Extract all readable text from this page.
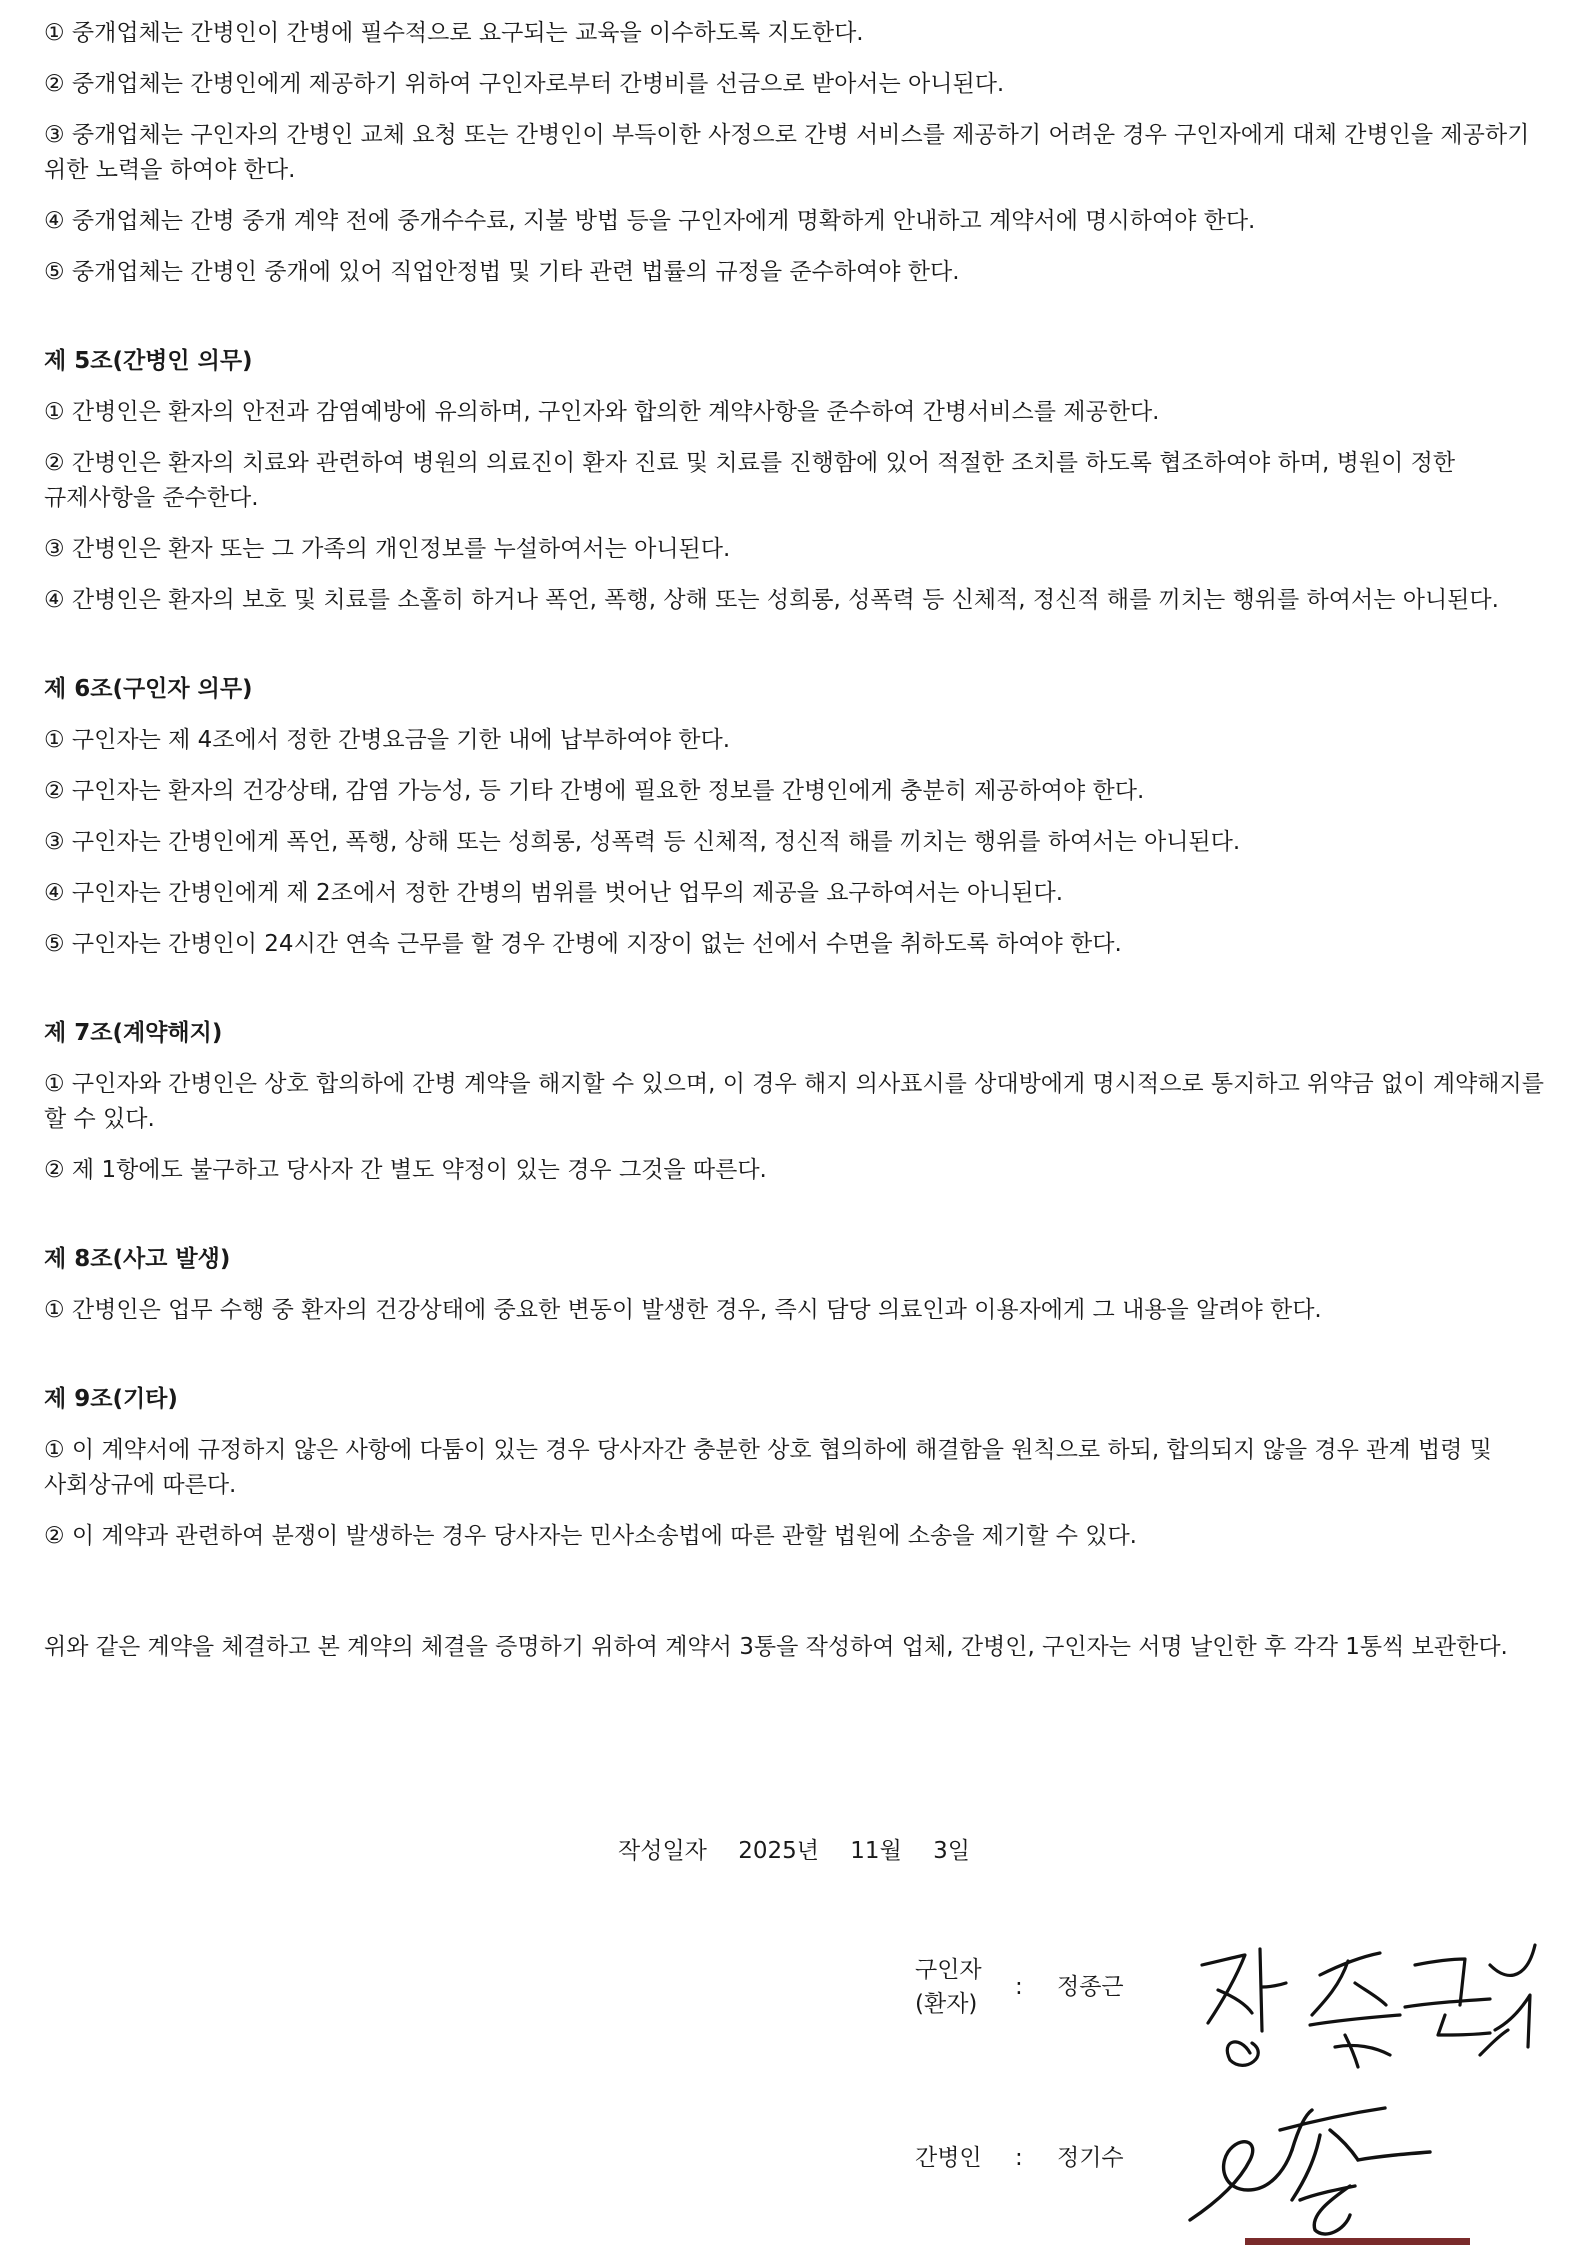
① 중개업체는 간병인이 간병에 필수적으로 요구되는 교육을 이수하도록 지도한다.

② 중개업체는 간병인에게 제공하기 위하여 구인자로부터 간병비를 선금으로 받아서는 아니된다.

③ 중개업체는 구인자의 간병인 교체 요청 또는 간병인이 부득이한 사정으로 간병 서비스를 제공하기 어려운 경우 구인자에게 대체 간병인을 제공하기 위한 노력을 하여야 한다.

④ 중개업체는 간병 중개 계약 전에 중개수수료, 지불 방법 등을 구인자에게 명확하게 안내하고 계약서에 명시하여야 한다.

⑤ 중개업체는 간병인 중개에 있어 직업안정법 및 기타 관련 법률의 규정을 준수하여야 한다.

제 5조(간병인 의무)

① 간병인은 환자의 안전과 감염예방에 유의하며, 구인자와 합의한 계약사항을 준수하여 간병서비스를 제공한다.

② 간병인은 환자의 치료와 관련하여 병원의 의료진이 환자 진료 및 치료를 진행함에 있어 적절한 조치를 하도록 협조하여야 하며, 병원이 정한 규제사항을 준수한다.

③ 간병인은 환자 또는 그 가족의 개인정보를 누설하여서는 아니된다.

④ 간병인은 환자의 보호 및 치료를 소홀히 하거나 폭언, 폭행, 상해 또는 성희롱, 성폭력 등 신체적, 정신적 해를 끼치는 행위를 하여서는 아니된다.

제 6조(구인자 의무)

① 구인자는 제 4조에서 정한 간병요금을 기한 내에 납부하여야 한다.

② 구인자는 환자의 건강상태, 감염 가능성, 등 기타 간병에 필요한 정보를 간병인에게 충분히 제공하여야 한다.

③ 구인자는 간병인에게 폭언, 폭행, 상해 또는 성희롱, 성폭력 등 신체적, 정신적 해를 끼치는 행위를 하여서는 아니된다.

④ 구인자는 간병인에게 제 2조에서 정한 간병의 범위를 벗어난 업무의 제공을 요구하여서는 아니된다.

⑤ 구인자는 간병인이 24시간 연속 근무를 할 경우 간병에 지장이 없는 선에서 수면을 취하도록 하여야 한다.

제 7조(계약해지)

① 구인자와 간병인은 상호 합의하에 간병 계약을 해지할 수 있으며, 이 경우 해지 의사표시를 상대방에게 명시적으로 통지하고 위약금 없이 계약해지를 할 수 있다.

② 제 1항에도 불구하고 당사자 간 별도 약정이 있는 경우 그것을 따른다.

제 8조(사고 발생)

① 간병인은 업무 수행 중 환자의 건강상태에 중요한 변동이 발생한 경우, 즉시 담당 의료인과 이용자에게 그 내용을 알려야 한다.

제 9조(기타)

① 이 계약서에 규정하지 않은 사항에 다툼이 있는 경우 당사자간 충분한 상호 협의하에 해결함을 원칙으로 하되, 합의되지 않을 경우 관계 법령 및 사회상규에 따른다.

② 이 계약과 관련하여 분쟁이 발생하는 경우 당사자는 민사소송법에 따른 관할 법원에 소송을 제기할 수 있다.

위와 같은 계약을 체결하고 본 계약의 체결을 증명하기 위하여 계약서 3통을 작성하여 업체, 간병인, 구인자는 서명 날인한 후 각각 1통씩 보관한다.
작성일자 2025년 11월 3일
구인자
(환자)
: 정종근
간병인	: 정기수
